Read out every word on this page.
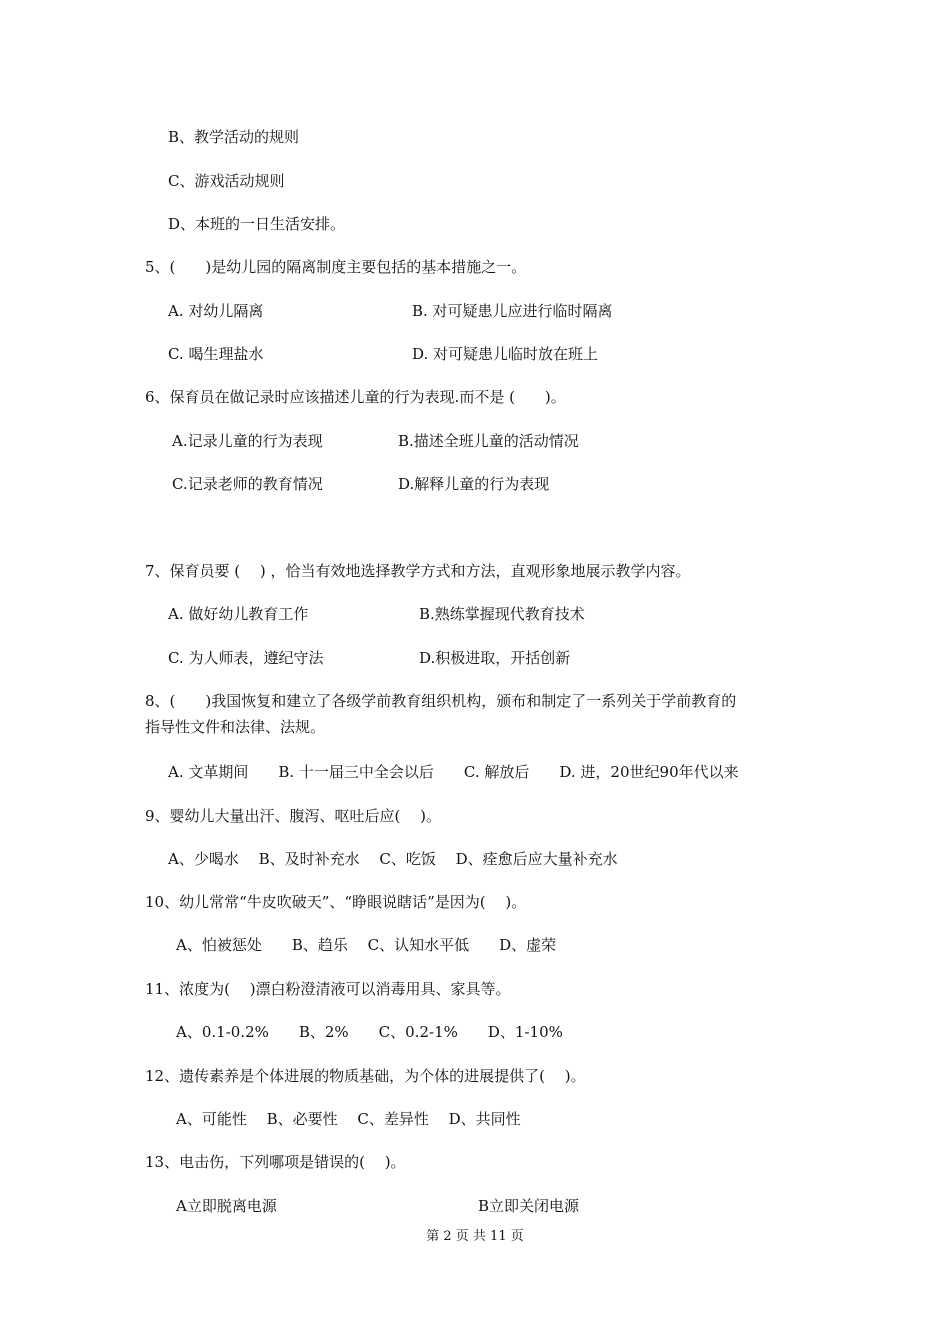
B、教学活动的规则
C、游戏活动规则
D、本班的一日生活安排。
5、(　　)是幼儿园的隔离制度主要包括的基本措施之一。
A. 对幼儿隔离	B. 对可疑患儿应进行临时隔离
C. 喝生理盐水	D. 对可疑患儿临时放在班上
6、保育员在做记录时应该描述儿童的行为表现.而不是 (　　)。
A.记录儿童的行为表现	B.描述全班儿童的活动情况
C.记录老师的教育情况	D.解释儿童的行为表现
7、保育员要 (　 ) ，恰当有效地选择教学方式和方法，直观形象地展示教学内容。
A. 做好幼儿教育工作	B.熟练掌握现代教育技术
C. 为人师表，遵纪守法	D.积极进取，开括创新
8、(　　)我国恢复和建立了各级学前教育组织机构，颁布和制定了一系列关于学前教育的
指导性文件和法律、法规。
A. 文革期间　　B. 十一届三中全会以后　　C. 解放后　　D. 进，20世纪90年代以来
9、婴幼儿大量出汗、腹泻、呕吐后应(　 )。
A、少喝水　 B、及时补充水　 C、吃饭　 D、痊愈后应大量补充水
10、幼儿常常“牛皮吹破天”、“睁眼说瞎话”是因为(　 )。
A、怕被惩处　　B、趋乐　 C、认知水平低　　D、虚荣
11、浓度为(　 )漂白粉澄清液可以消毒用具、家具等。
A、0.1-0.2%　　B、2%　　C、0.2-1%　　D、1-10%
12、遗传素养是个体进展的物质基础，为个体的进展提供了(　 )。
A、可能性　 B、必要性　 C、差异性　 D、共同性
13、电击伤，下列哪项是错误的(　 )。
A立即脱离电源	B立即关闭电源
第 2 页 共 11 页
